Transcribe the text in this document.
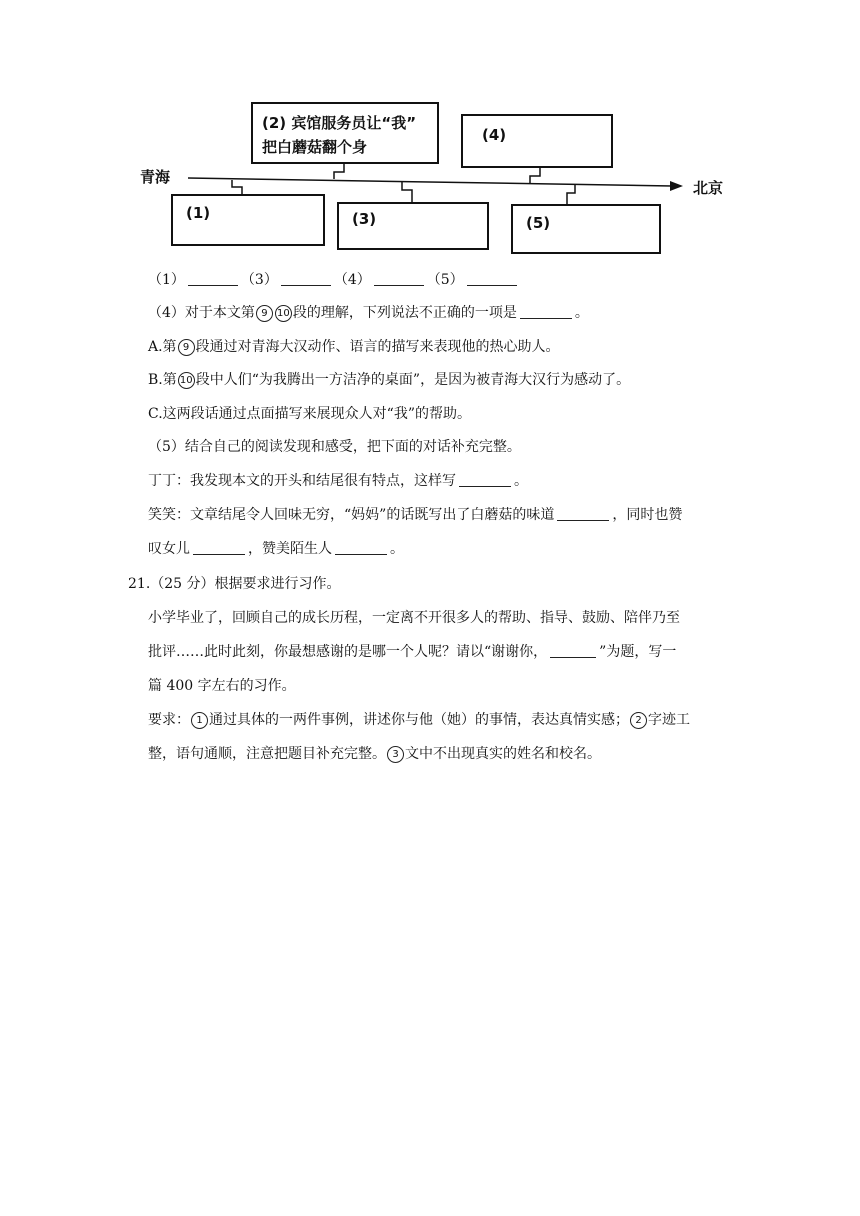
青海
北京
(2) 宾馆服务员让“我”
把白蘑菇翻个身
(4)
(1)	(3)	(5)
（1）	（3）	（4）	（5）
（4）对于本文第 9 10 段的理解，下列说法不正确的一项是	。
A.第 9 段通过对青海大汉动作、语言的描写来表现他的热心助人。
B.第 10 段中人们“为我腾出一方洁净的桌面”，是因为被青海大汉行为感动了。
C.这两段话通过点面描写来展现众人对“我”的帮助。
（5）结合自己的阅读发现和感受，把下面的对话补充完整。
丁丁：我发现本文的开头和结尾很有特点，这样写	。
笑笑：文章结尾令人回味无穷，“妈妈”的话既写出了白蘑菇的味道	，同时也赞
叹女儿	，赞美陌生人	。
21.（25 分）根据要求进行习作。
小学毕业了，回顾自己的成长历程，一定离不开很多人的帮助、指导、鼓励、陪伴乃至
批评……此时此刻，你最想感谢的是哪一个人呢？请以“谢谢你，	”为题，写一
篇 400 字左右的习作。
要求： 1 通过具体的一两件事例，讲述你与他（她）的事情，表达真情实感； 2 字迹工
整，语句通顺，注意把题目补充完整。 3 文中不出现真实的姓名和校名。
